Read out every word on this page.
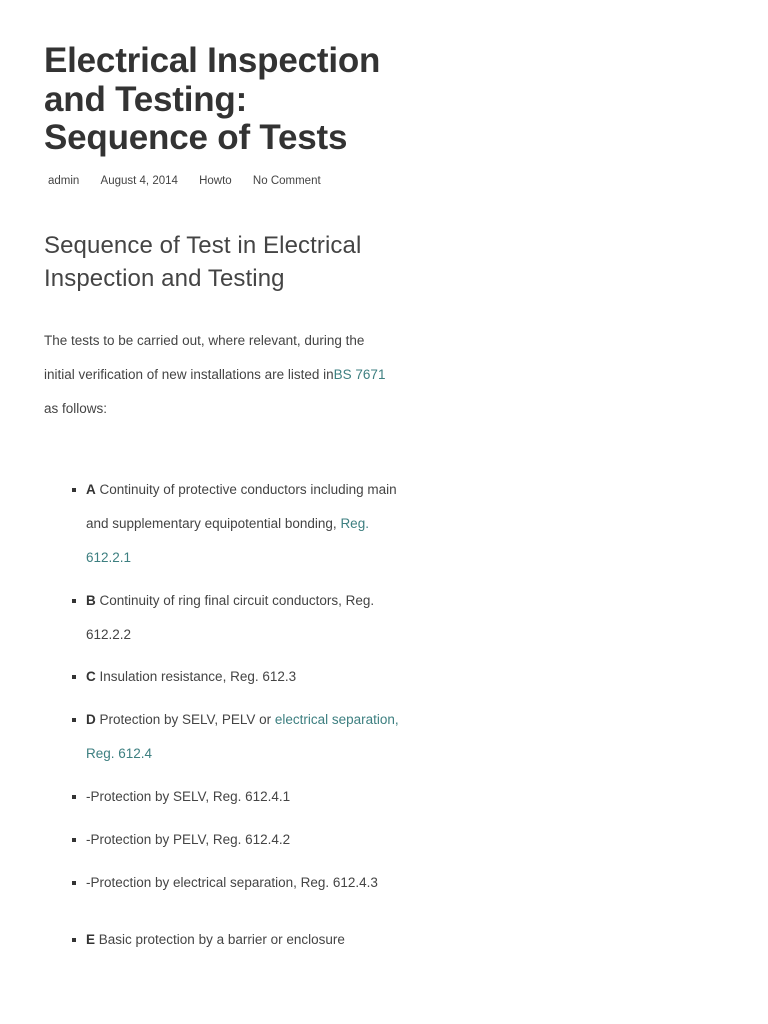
Electrical Inspection and Testing: Sequence of Tests
admin August 4, 2014 Howto No Comment
Sequence of Test in Electrical Inspection and Testing

The tests to be carried out, where relevant, during the initial verification of new installations are listed inBS 7671 as follows:

A Continuity of protective conductors including main and supplementary equipotential bonding, Reg. 612.2.1
B Continuity of ring final circuit conductors, Reg. 612.2.2
C Insulation resistance, Reg. 612.3
D Protection by SELV, PELV or electrical separation, Reg. 612.4
-Protection by SELV, Reg. 612.4.1
-Protection by PELV, Reg. 612.4.2
-Protection by electrical separation, Reg. 612.4.3
E Basic protection by a barrier or enclosure
